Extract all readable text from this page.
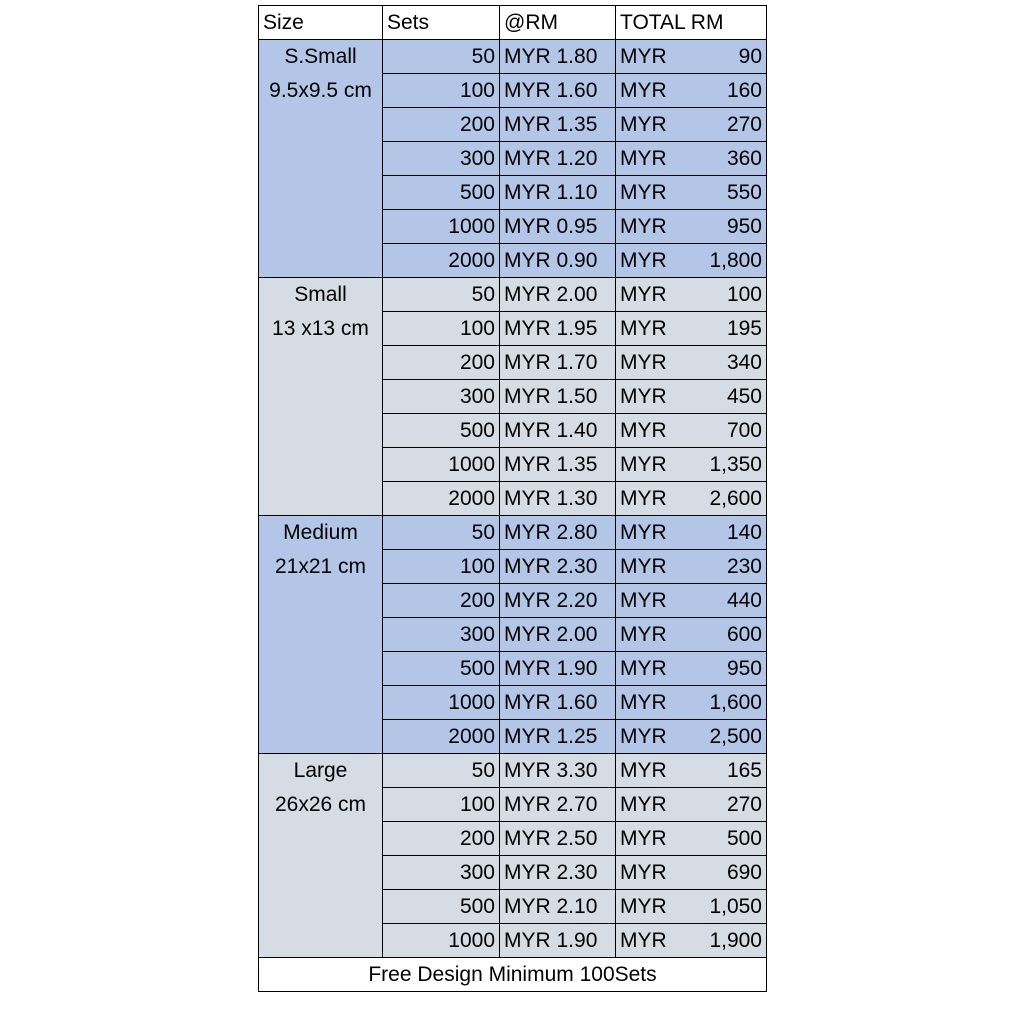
Size	Sets	@RM	TOTAL RM	

S.Small
9.5x9.5 cm	50	MYR 1.80	MYR	90
	100	MYR 1.60	MYR	160
	200	MYR 1.35	MYR	270
	300	MYR 1.20	MYR	360
	500	MYR 1.10	MYR	550
	1000	MYR 0.95	MYR	950
	2000	MYR 0.90	MYR	1,800

Small
13 x13 cm	50	MYR 2.00	MYR	100
	100	MYR 1.95	MYR	195
	200	MYR 1.70	MYR	340
	300	MYR 1.50	MYR	450
	500	MYR 1.40	MYR	700
	1000	MYR 1.35	MYR	1,350
	2000	MYR 1.30	MYR	2,600

Medium
21x21 cm	50	MYR 2.80	MYR	140
	100	MYR 2.30	MYR	230
	200	MYR 2.20	MYR	440
	300	MYR 2.00	MYR	600
	500	MYR 1.90	MYR	950
	1000	MYR 1.60	MYR	1,600
	2000	MYR 1.25	MYR	2,500

Large
26x26 cm	50	MYR 3.30	MYR	165
	100	MYR 2.70	MYR	270
	200	MYR 2.50	MYR	500
	300	MYR 2.30	MYR	690
	500	MYR 2.10	MYR	1,050
	1000	MYR 1.90	MYR	1,900
Free Design Minimum 100Sets				
